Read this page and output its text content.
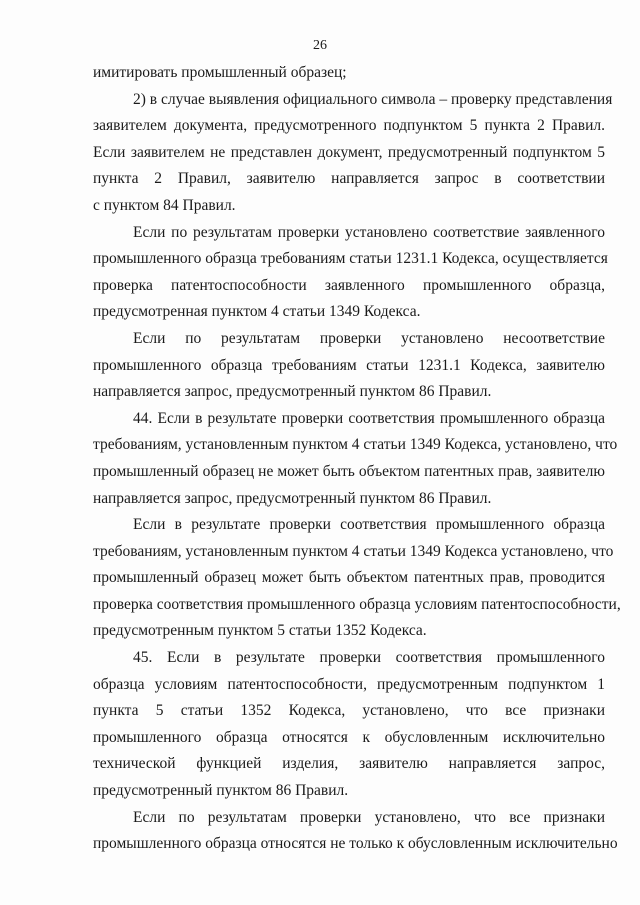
26
имитировать промышленный образец;
2) в случае выявления официального символа – проверку представления
заявителем документа, предусмотренного подпунктом 5 пункта 2 Правил.
Если заявителем не представлен документ, предусмотренный подпунктом 5
пункта 2 Правил, заявителю направляется запрос в соответствии
с пунктом 84 Правил.
Если по результатам проверки установлено соответствие заявленного
промышленного образца требованиям статьи 1231.1 Кодекса, осуществляется
проверка патентоспособности заявленного промышленного образца,
предусмотренная пунктом 4 статьи 1349 Кодекса.
Если по результатам проверки установлено несоответствие
промышленного образца требованиям статьи 1231.1 Кодекса, заявителю
направляется запрос, предусмотренный пунктом 86 Правил.
44. Если в результате проверки соответствия промышленного образца
требованиям, установленным пунктом 4 статьи 1349 Кодекса, установлено, что
промышленный образец не может быть объектом патентных прав, заявителю
направляется запрос, предусмотренный пунктом 86 Правил.
Если в результате проверки соответствия промышленного образца
требованиям, установленным пунктом 4 статьи 1349 Кодекса установлено, что
промышленный образец может быть объектом патентных прав, проводится
проверка соответствия промышленного образца условиям патентоспособности,
предусмотренным пунктом 5 статьи 1352 Кодекса.
45. Если в результате проверки соответствия промышленного
образца условиям патентоспособности, предусмотренным подпунктом 1
пункта 5 статьи 1352 Кодекса, установлено, что все признаки
промышленного образца относятся к обусловленным исключительно
технической функцией изделия, заявителю направляется запрос,
предусмотренный пунктом 86 Правил.
Если по результатам проверки установлено, что все признаки
промышленного образца относятся не только к обусловленным исключительно
